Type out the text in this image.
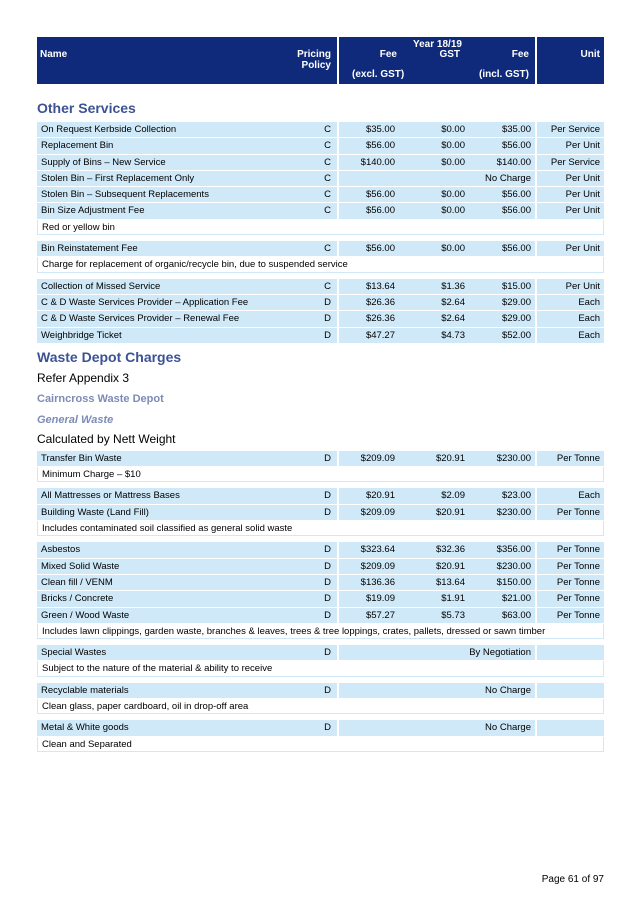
Name	Pricing
Policy
Year 18/19
Fee	GST	Fee
(excl. GST)	(incl. GST)
Unit
Other Services
On Request Kerbside Collection	C	$35.00	$0.00	$35.00 Per Service
Replacement Bin	C	$56.00	$0.00	$56.00	Per Unit
Supply of Bins – New Service	C	$140.00	$0.00	$140.00 Per Service
Stolen Bin – First Replacement Only	C	No Charge	Per Unit
Stolen Bin – Subsequent Replacements	C	$56.00	$0.00	$56.00	Per Unit
Bin Size Adjustment Fee	C	$56.00	$0.00	$56.00	Per Unit
Red or yellow bin
Bin Reinstatement Fee	C	$56.00	$0.00	$56.00	Per Unit
Charge for replacement of organic/recycle bin, due to suspended service
Collection of Missed Service	C	$13.64	$1.36	$15.00	Per Unit
C & D Waste Services Provider – Application Fee	D	$26.36	$2.64	$29.00	Each
C & D Waste Services Provider – Renewal Fee	D	$26.36	$2.64	$29.00	Each
Weighbridge Ticket	D	$47.27	$4.73	$52.00	Each
Waste Depot Charges
Refer Appendix 3
Cairncross Waste Depot
General Waste
Calculated by Nett Weight
Transfer Bin Waste	D	$209.09	$20.91	$230.00	Per Tonne
Minimum Charge – $10
All Mattresses or Mattress Bases	D	$20.91	$2.09	$23.00	Each
Building Waste (Land Fill)	D	$209.09	$20.91	$230.00	Per Tonne
Includes contaminated soil classified as general solid waste
Asbestos	D	$323.64	$32.36	$356.00	Per Tonne
Mixed Solid Waste	D	$209.09	$20.91	$230.00	Per Tonne
Clean fill / VENM	D	$136.36	$13.64	$150.00	Per Tonne
Bricks / Concrete	D	$19.09	$1.91	$21.00	Per Tonne
Green / Wood Waste	D	$57.27	$5.73	$63.00	Per Tonne
Includes lawn clippings, garden waste, branches & leaves, trees & tree loppings, crates, pallets, dressed or sawn timber
Special Wastes	D	By Negotiation
Subject to the nature of the material & ability to receive
Recyclable materials	D	No Charge
Clean glass, paper cardboard, oil in drop-off area
Metal & White goods	D	No Charge
Clean and Separated
Page 61 of 97
